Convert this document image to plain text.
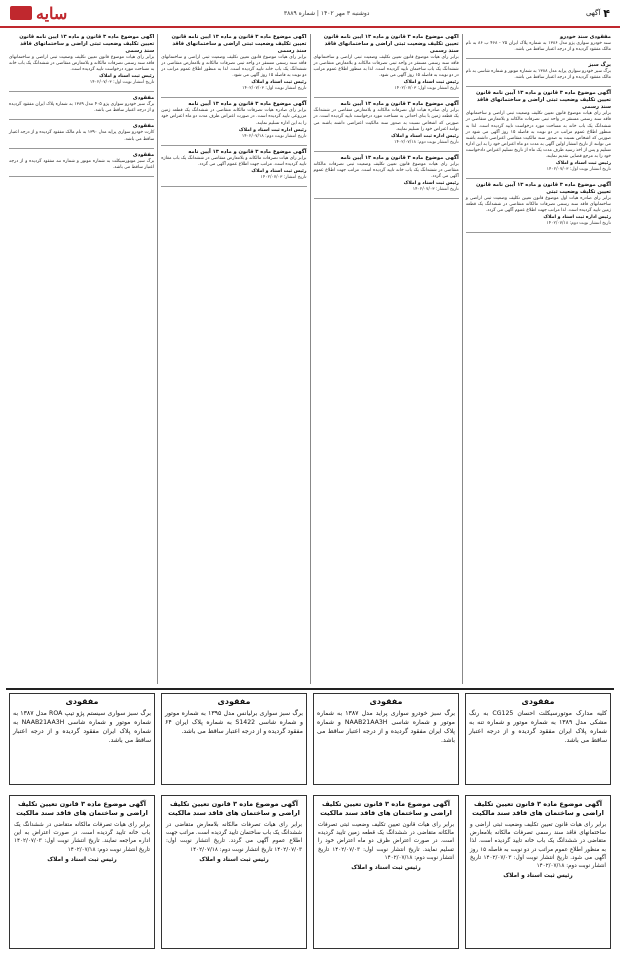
۴
آگهی
دوشنبه ۳ مهر ۱۴۰۲ | شماره ۳۸۸۹
سایه
مفقودی سند خودرو
سند خودرو سواری پژو مدل ۱۳۸۶ به شماره پلاک ایران ۲۵ - ۴۶۸ ب ۸۶ به نام مالک مفقود گردیده و از درجه اعتبار ساقط می باشد.
برگ سبز
برگ سبز خودرو سواری پراید مدل ۱۳۸۸ به شماره موتور و شماره شاسی به نام مالک مفقود گردیده و از درجه اعتبار ساقط می باشد.
آگهی موضوع ماده ۳ قانون و ماده ۱۳ آیین نامه قانون تعیین تکلیف وضعیت ثبتی اراضی و ساختمانهای فاقد سند رسمی
برابر رای هیات موضوع قانون تعیین تکلیف وضعیت ثبتی اراضی و ساختمانهای فاقد سند رسمی مستقر در واحد ثبتی تصرفات مالکانه و بلامعارض متقاضی در ششدانگ یک باب خانه به مساحت مورد درخواست تایید گردیده است. لذا به منظور اطلاع عموم مراتب در دو نوبت به فاصله ۱۵ روز آگهی می شود در صورتی که اشخاص نسبت به صدور سند مالکیت متقاضی اعتراضی داشته باشند می توانند از تاریخ انتشار اولین آگهی به مدت دو ماه اعتراض خود را به این اداره تسلیم و پس از اخذ رسید ظرف مدت یک ماه از تاریخ تسلیم اعتراض دادخواست خود را به مرجع قضایی تقدیم نمایند.
رئیس ثبت اسناد و املاک
تاریخ انتشار نوبت اول: ۱۴۰۲/۰۷/۰۳
آگهی موضوع ماده ۳ قانون و ماده ۱۳ آیین نامه قانون تعیین تکلیف وضعیت ثبتی
برابر رای صادره هیات اول موضوع قانون تعیین تکلیف وضعیت ثبتی اراضی و ساختمانهای فاقد سند رسمی تصرفات مالکانه متقاضی در ششدانگ یک قطعه زمین تایید گردیده است. لذا مراتب جهت اطلاع عموم آگهی می گردد.
رئیس اداره ثبت اسناد و املاک
تاریخ انتشار نوبت دوم: ۱۴۰۲/۰۷/۱۸
آگهی موضوع ماده ۳ قانون و ماده ۱۳ آیین نامه قانون تعیین تکلیف وضعیت ثبتی اراضی و ساختمانهای فاقد سند رسمی
برابر رای هیات موضوع قانون تعیین تکلیف وضعیت ثبتی اراضی و ساختمانهای فاقد سند رسمی مستقر در واحد ثبتی تصرفات مالکانه و بلامعارض متقاضی در ششدانگ یک باب ساختمان تایید گردیده است. لذا به منظور اطلاع عموم مراتب در دو نوبت به فاصله ۱۵ روز آگهی می شود.
رئیس ثبت اسناد و املاک
تاریخ انتشار نوبت اول: ۱۴۰۲/۰۷/۰۳
آگهی موضوع ماده ۳ قانون و ماده ۱۳ آیین نامه
برابر رای صادره هیات اول تصرفات مالکانه و بلامعارض متقاضی در ششدانگ یک قطعه زمین با بنای احداثی به مساحت مورد درخواست تایید گردیده است. در صورتی که اشخاص نسبت به صدور سند مالکیت اعتراضی داشته باشند می توانند اعتراض خود را تسلیم نمایند.
رئیس اداره ثبت اسناد و املاک
تاریخ انتشار نوبت دوم: ۱۴۰۲/۰۷/۱۸
آگهی موضوع ماده ۳ قانون و ماده ۱۳ آیین نامه
برابر رای هیات موضوع قانون تعیین تکلیف وضعیت ثبتی تصرفات مالکانه متقاضی در ششدانگ یک باب خانه تایید گردیده است. مراتب جهت اطلاع عموم آگهی می گردد.
رئیس ثبت اسناد و املاک
تاریخ انتشار: ۱۴۰۲/۰۷/۰۳
آگهی موضوع ماده ۳ قانون و ماده ۱۳ آیین نامه قانون تعیین تکلیف وضعیت ثبتی اراضی و ساختمانهای فاقد سند رسمی
برابر رای هیات موضوع قانون تعیین تکلیف وضعیت ثبتی اراضی و ساختمانهای فاقد سند رسمی مستقر در واحد ثبتی تصرفات مالکانه و بلامعارض متقاضی در ششدانگ یک باب خانه تایید گردیده است. لذا به منظور اطلاع عموم مراتب در دو نوبت به فاصله ۱۵ روز آگهی می شود.
رئیس ثبت اسناد و املاک
تاریخ انتشار نوبت اول: ۱۴۰۲/۰۷/۰۳
آگهی موضوع ماده ۳ قانون و ماده ۱۳ آیین نامه
برابر رای صادره هیات تصرفات مالکانه متقاضی در ششدانگ یک قطعه زمین مزروعی تایید گردیده است. در صورت اعتراض ظرف مدت دو ماه اعتراض خود را به این اداره تسلیم نمایند.
رئیس اداره ثبت اسناد و املاک
تاریخ انتشار نوبت دوم: ۱۴۰۲/۰۷/۱۸
آگهی موضوع ماده ۳ قانون و ماده ۱۳ آیین نامه
برابر رای هیات تصرفات مالکانه و بلامعارض متقاضی در ششدانگ یک باب مغازه تایید گردیده است. مراتب جهت اطلاع عموم آگهی می گردد.
رئیس ثبت اسناد و املاک
تاریخ انتشار: ۱۴۰۲/۰۷/۰۳
آگهی موضوع ماده ۳ قانون و ماده ۱۳ آیین نامه قانون تعیین تکلیف وضعیت ثبتی اراضی و ساختمانهای فاقد سند رسمی
برابر رای هیات موضوع قانون تعیین تکلیف وضعیت ثبتی اراضی و ساختمانهای فاقد سند رسمی تصرفات مالکانه و بلامعارض متقاضی در ششدانگ یک باب خانه به مساحت مورد درخواست تایید گردیده است.
رئیس ثبت اسناد و املاک
تاریخ انتشار نوبت اول: ۱۴۰۲/۰۷/۰۳
مفقودی
برگ سبز خودرو سواری پژو ۴۰۵ مدل ۱۳۸۹ به شماره پلاک ایران مفقود گردیده و از درجه اعتبار ساقط می باشد.
مفقودی
کارت خودرو سواری پراید مدل ۱۳۹۰ به نام مالک مفقود گردیده و از درجه اعتبار ساقط می باشد.
مفقودی
برگ سبز موتورسیکلت به شماره موتور و شماره تنه مفقود گردیده و از درجه اعتبار ساقط می باشد.
مفقودی
کلیه مدارک موتورسیکلت احسان CG125 به رنگ مشکی مدل ۱۳۸۹ به شماره موتور و شماره تنه به شماره پلاک ایران مفقود گردیده و از درجه اعتبار ساقط می باشد.
مفقودی
برگ سبز خودرو سواری پراید مدل ۱۳۸۷ به شماره موتور و شماره شاسی NAAB21AA3H و شماره پلاک ایران مفقود گردیده و از درجه اعتبار ساقط می باشد.
مفقودی
برگ سبز سواری برلیانس مدل ۱۳۹۵ به شماره موتور و شماره شاسی S1422 به شماره پلاک ایران ۶۴ مفقود گردیده و از درجه اعتبار ساقط می باشد.
مفقودی
برگ سبز سواری سیستم پژو تیپ ROA مدل ۱۳۸۷ به شماره موتور و شماره شاسی NAAB21AA3H به شماره پلاک ایران مفقود گردیده و از درجه اعتبار ساقط می باشد.
آگهی موضوع ماده ۳ قانون تعیین تکلیف اراضی و ساختمان های فاقد سند مالکیت
برابر رای هیات قانون تعیین تکلیف وضعیت ثبتی اراضی و ساختمانهای فاقد سند رسمی تصرفات مالکانه بلامعارض متقاضی در ششدانگ یک باب خانه تایید گردیده است. لذا به منظور اطلاع عموم مراتب در دو نوبت به فاصله ۱۵ روز آگهی می شود. تاریخ انتشار نوبت اول: ۱۴۰۲/۰۷/۰۳ تاریخ انتشار نوبت دوم: ۱۴۰۲/۰۷/۱۸
رئیس ثبت اسناد و املاک
آگهی موضوع ماده ۳ قانون تعیین تکلیف اراضی و ساختمان های فاقد سند مالکیت
برابر رای هیات قانون تعیین تکلیف وضعیت ثبتی تصرفات مالکانه متقاضی در ششدانگ یک قطعه زمین تایید گردیده است. در صورت اعتراض ظرف دو ماه اعتراض خود را تسلیم نمایند. تاریخ انتشار نوبت اول: ۱۴۰۲/۰۷/۰۳ تاریخ انتشار نوبت دوم: ۱۴۰۲/۰۷/۱۸
رئیس ثبت اسناد و املاک
آگهی موضوع ماده ۳ قانون تعیین تکلیف اراضی و ساختمان های فاقد سند مالکیت
برابر رای هیات تصرفات مالکانه بلامعارض متقاضی در ششدانگ یک باب ساختمان تایید گردیده است. مراتب جهت اطلاع عموم آگهی می گردد. تاریخ انتشار نوبت اول: ۱۴۰۲/۰۷/۰۳ تاریخ انتشار نوبت دوم: ۱۴۰۲/۰۷/۱۸
رئیس ثبت اسناد و املاک
آگهی موضوع ماده ۳ قانون تعیین تکلیف اراضی و ساختمان های فاقد سند مالکیت
برابر رای هیات تصرفات مالکانه متقاضی در ششدانگ یک باب خانه تایید گردیده است. در صورت اعتراض به این اداره مراجعه نمایند. تاریخ انتشار نوبت اول: ۱۴۰۲/۰۷/۰۳ تاریخ انتشار نوبت دوم: ۱۴۰۲/۰۷/۱۸
رئیس ثبت اسناد و املاک
